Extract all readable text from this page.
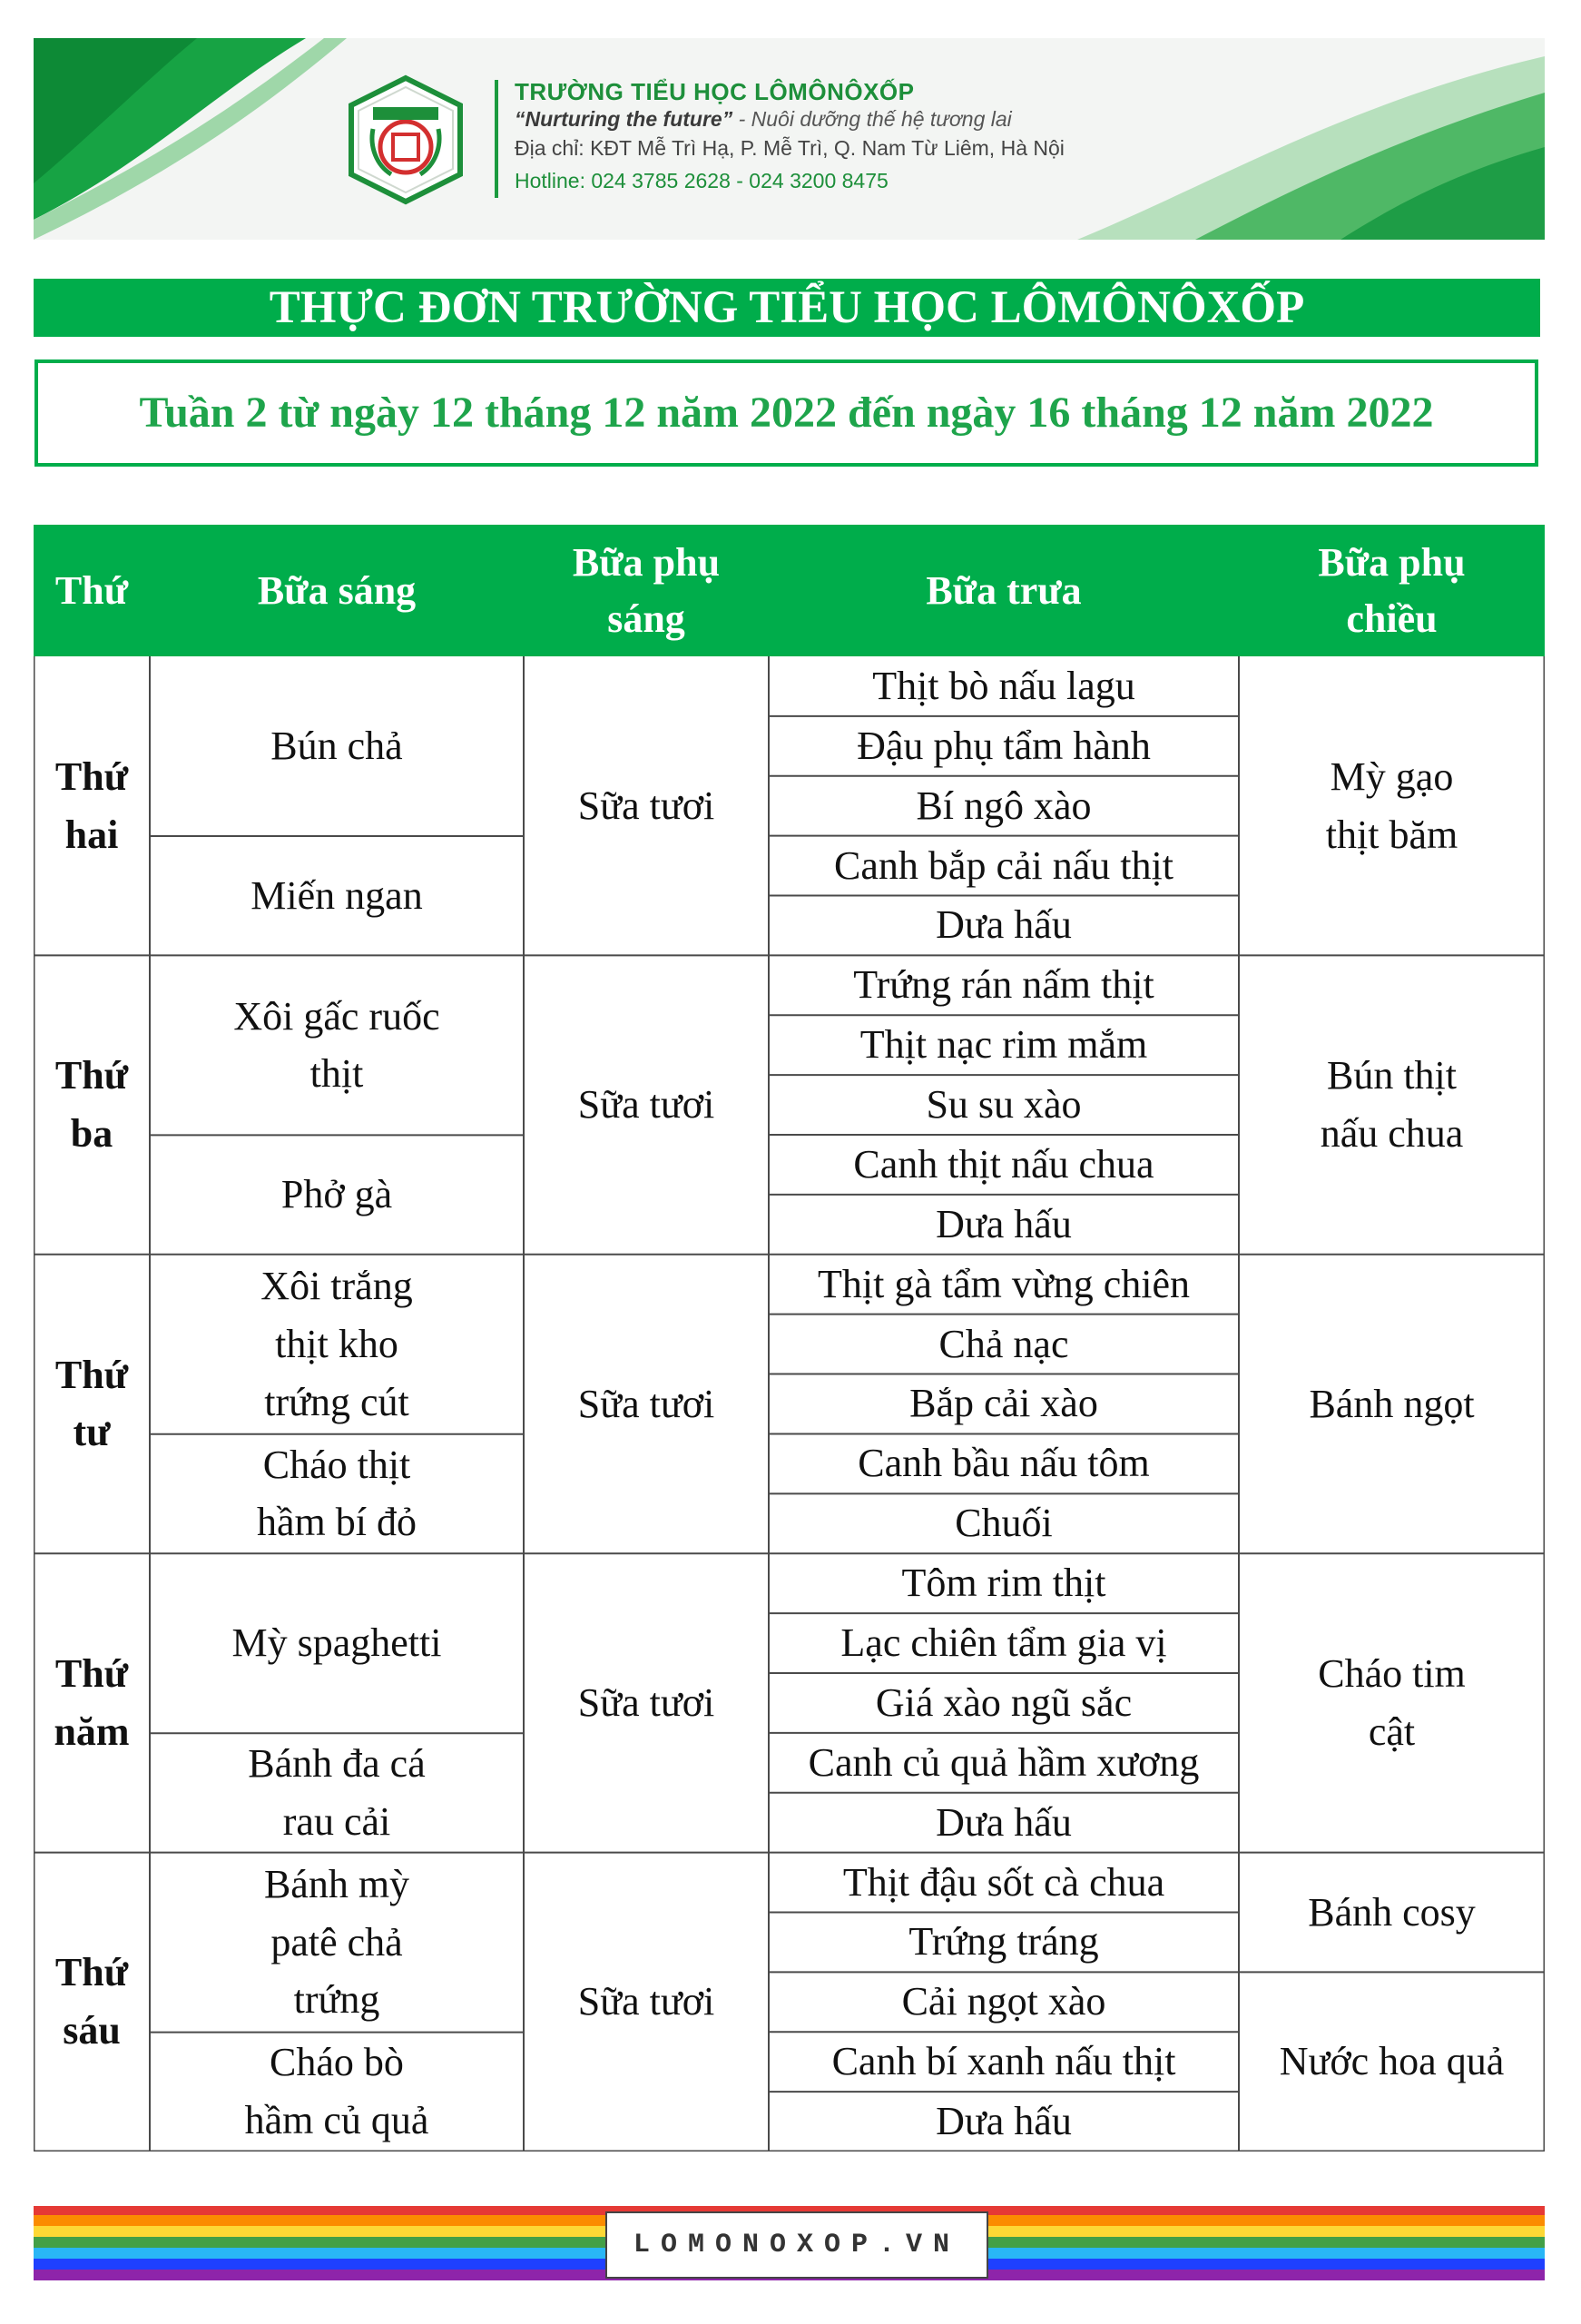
TRƯỜNG TIỂU HỌC LÔMÔNÔXỐP
“Nurturing the future” - Nuôi dưỡng thế hệ tương lai
Địa chỉ: KĐT Mễ Trì Hạ, P. Mễ Trì, Q. Nam Từ Liêm, Hà Nội
Hotline: 024 3785 2628 - 024 3200 8475
THỰC ĐƠN TRƯỜNG TIỂU HỌC LÔMÔNÔXỐP
Tuần 2 từ ngày 12 tháng 12 năm 2022 đến ngày 16 tháng 12 năm 2022
Thứ	Bữa sáng
Bữa phụ sáng
Bữa trưa
Bữa phụ chiều
Thứ hai
Bún chả
Miến ngan
Sữa tươi
Thịt bò nấu lagu
Đậu phụ tẩm hành
Bí ngô xào
Canh bắp cải nấu thịt
Dưa hấu
Mỳ gạo thịt băm
Thứ ba
Xôi gấc ruốc thịt
Phở gà
Sữa tươi
Trứng rán nấm thịt
Thịt nạc rim mắm
Su su xào
Canh thịt nấu chua
Dưa hấu
Bún thịt nấu chua
Thứ tư
Xôi trắng thịt kho trứng cút
Cháo thịt hầm bí đỏ
Sữa tươi
Thịt gà tẩm vừng chiên
Chả nạc
Bắp cải xào
Canh bầu nấu tôm
Chuối
Bánh ngọt
Thứ năm
Mỳ spaghetti
Bánh đa cá rau cải
Sữa tươi
Tôm rim thịt
Lạc chiên tẩm gia vị
Giá xào ngũ sắc
Canh củ quả hầm xương
Dưa hấu
Cháo tim cật
Thứ sáu
Bánh mỳ patê chả trứng
Cháo bò hầm củ quả
Sữa tươi
Thịt đậu sốt cà chua
Trứng tráng
Cải ngọt xào
Canh bí xanh nấu thịt
Dưa hấu
Bánh cosy
Nước hoa quả
LOMONOXOP.VN
